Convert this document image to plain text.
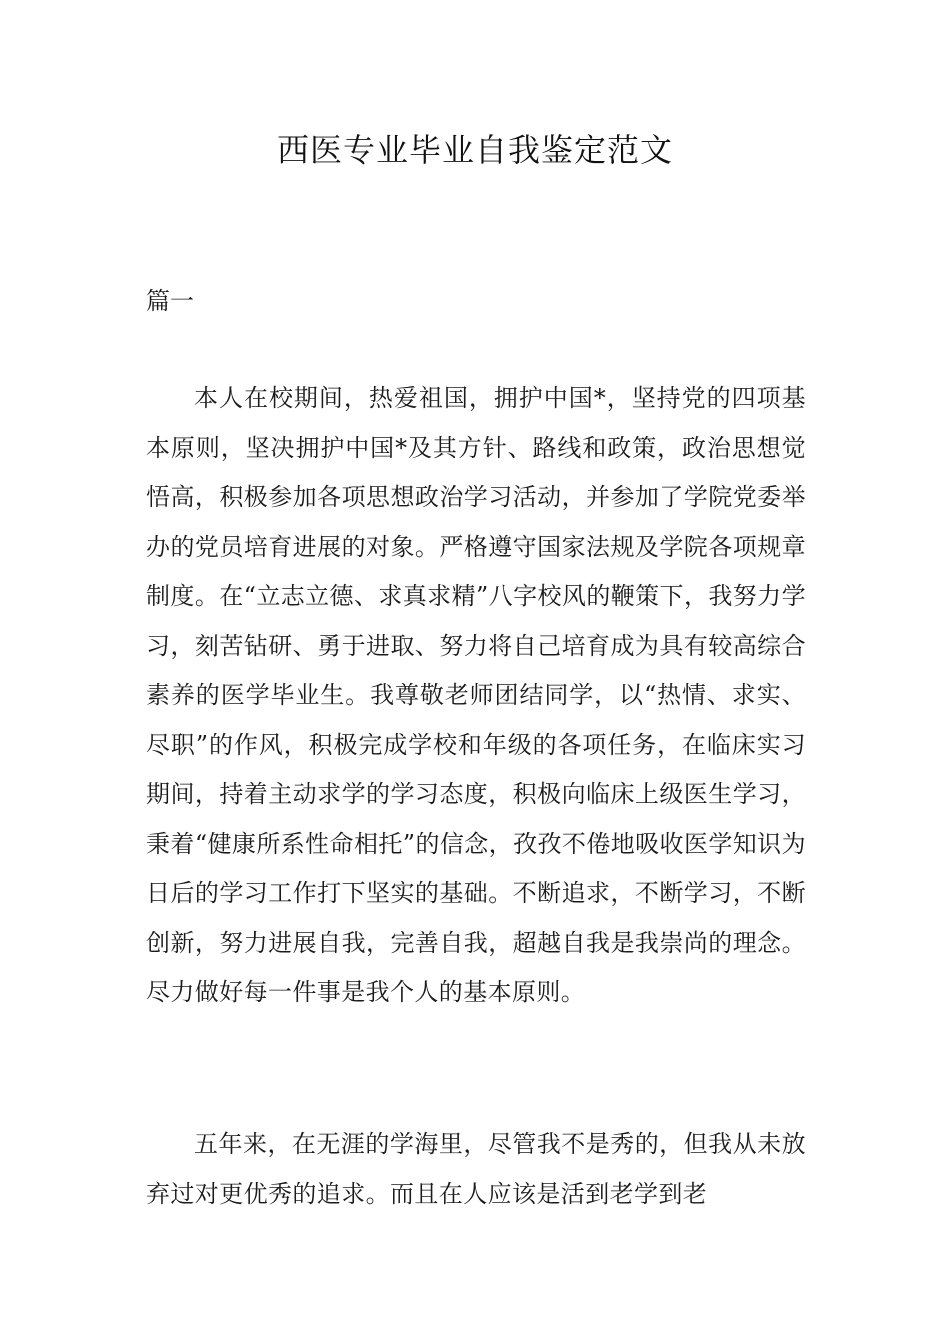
西医专业毕业自我鉴定范文
篇一

本人在校期间，热爱祖国，拥护中国*，坚持党的四项基本原则，坚决拥护中国*及其方针、路线和政策，政治思想觉悟高，积极参加各项思想政治学习活动，并参加了学院党委举办的党员培育进展的对象。严格遵守国家法规及学院各项规章制度。在“立志立德、求真求精”八字校风的鞭策下，我努力学习，刻苦钻研、勇于进取、努力将自己培育成为具有较高综合素养的医学毕业生。我尊敬老师团结同学，以“热情、求实、尽职”的作风，积极完成学校和年级的各项任务，在临床实习期间，持着主动求学的学习态度，积极向临床上级医生学习，秉着“健康所系性命相托”的信念，孜孜不倦地吸收医学知识为日后的学习工作打下坚实的基础。不断追求，不断学习，不断创新，努力进展自我，完善自我，超越自我是我崇尚的理念。尽力做好每一件事是我个人的基本原则。

五年来，在无涯的学海里，尽管我不是秀的，但我从未放弃过对更优秀的追求。而且在人应该是活到老学到老
